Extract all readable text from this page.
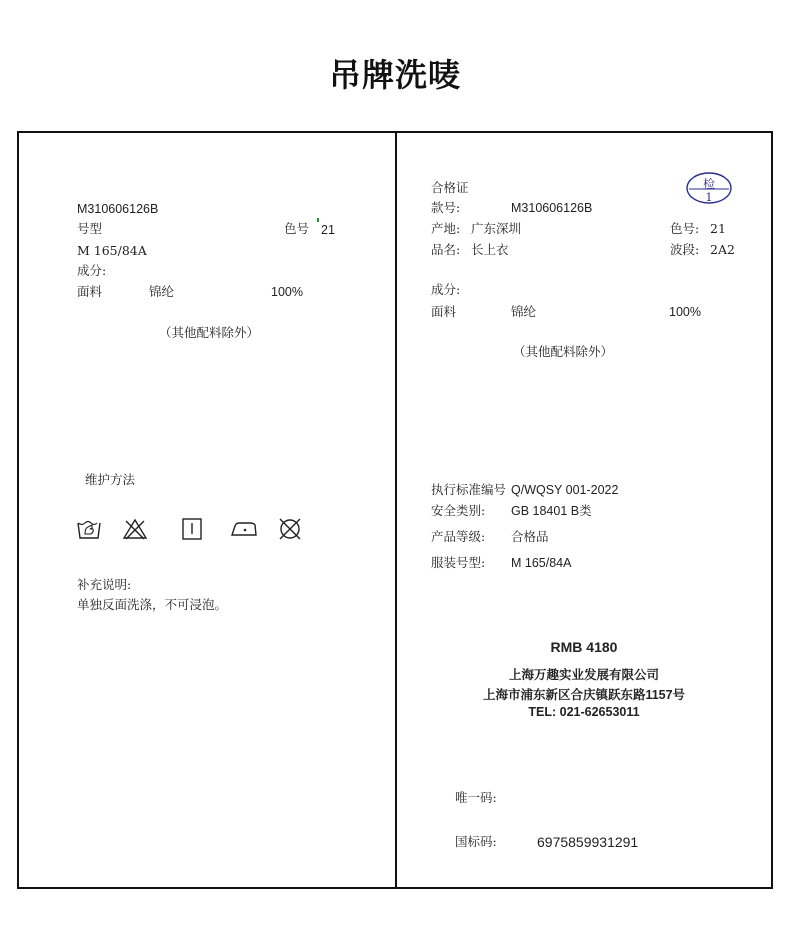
吊牌洗唛
M310606126B
号型	色号 21
M 165/84A
成分:
面料	锦纶	100%
（其他配料除外）
维护方法
补充说明:
单独反面洗涤，不可浸泡。
合格证	检
1
款号:	M310606126B
产地: 广东深圳	色号: 21
品名: 长上衣	波段: 2A2
成分:
面料	锦纶	100%
（其他配料除外）
执行标准编号 Q/WQSY 001-2022
安全类别: GB 18401 B类
产品等级: 合格品
服装号型: M 165/84A
RMB 4180
上海万趣实业发展有限公司
上海市浦东新区合庆镇跃东路1157号
TEL: 021-62653011
唯一码:
国标码:	6975859931291
